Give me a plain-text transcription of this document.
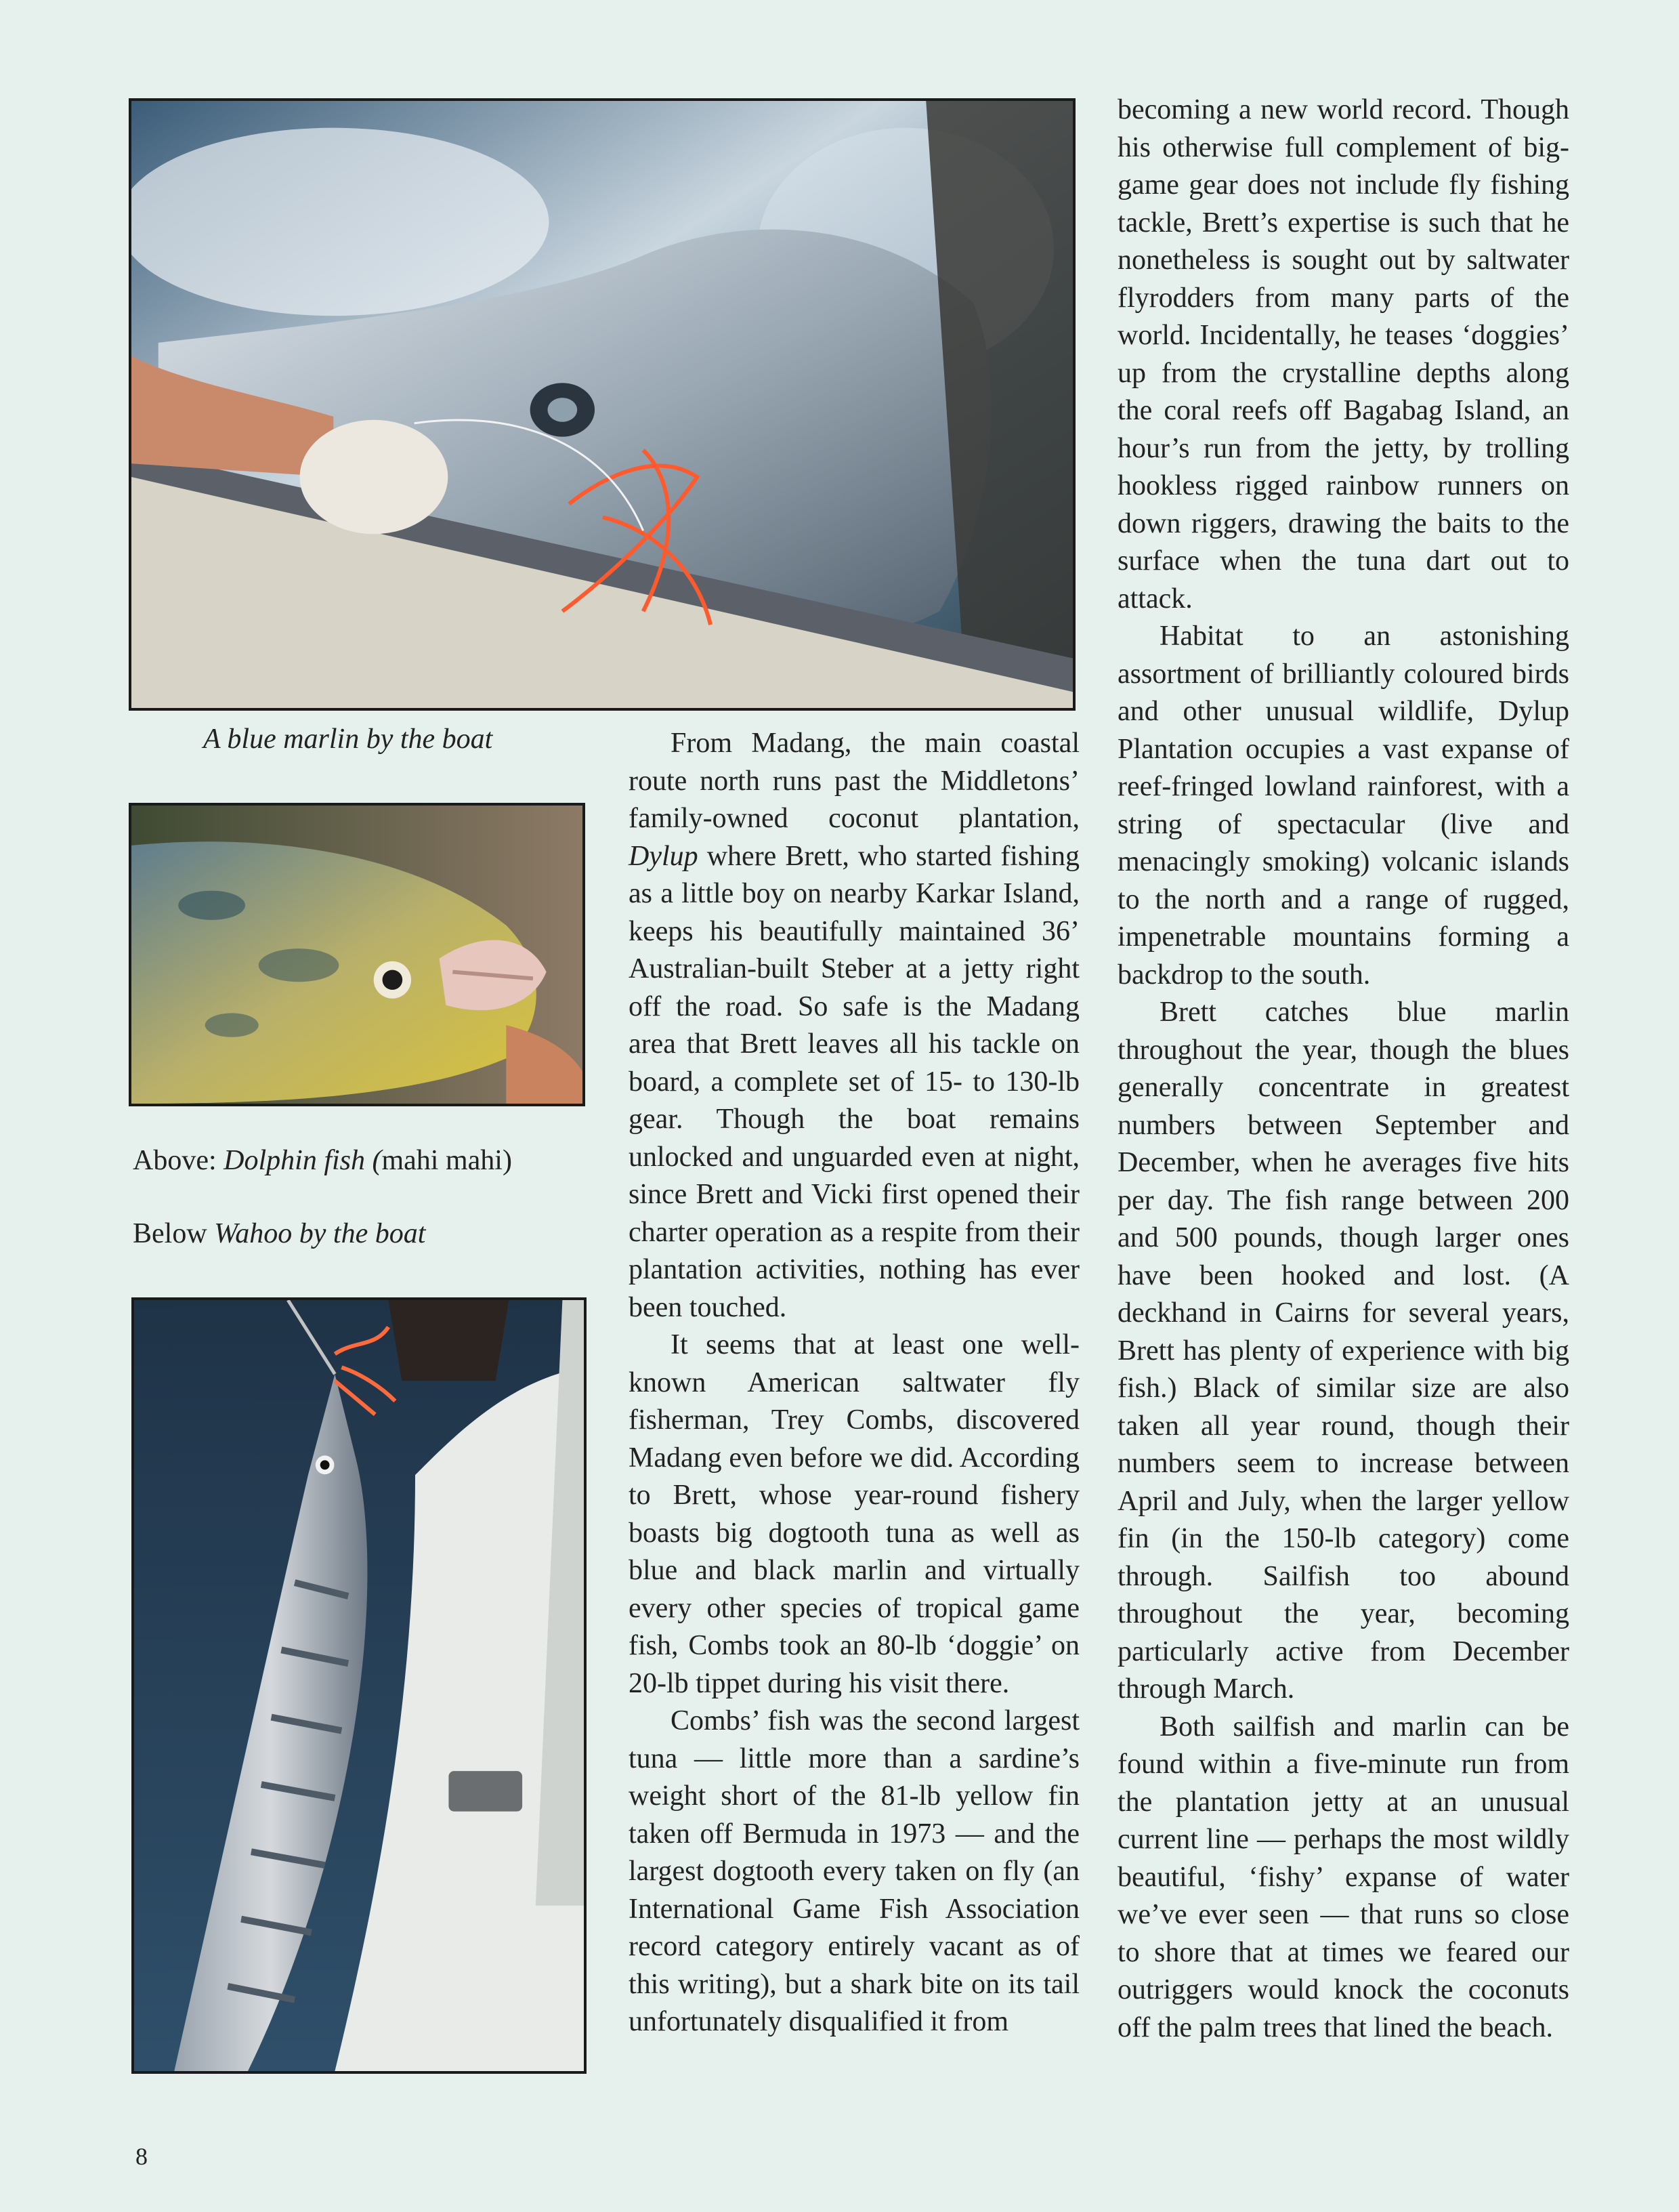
A blue marlin by the boat
Above: Dolphin fish (mahi mahi)
Below Wahoo by the boat

From Madang, the main coastal route north runs past the Middletons’ family-owned coconut plantation, Dylup where Brett, who started fishing as a little boy on nearby Karkar Island, keeps his beautifully maintained 36’ Australian-built Steber at a jetty right off the road. So safe is the Madang area that Brett leaves all his tackle on board, a complete set of 15- to 130-lb gear. Though the boat remains unlocked and unguarded even at night, since Brett and Vicki first opened their charter operation as a respite from their plantation activities, nothing has ever been touched.

It seems that at least one well-known American saltwater fly fisherman, Trey Combs, discovered Madang even before we did. According to Brett, whose year-round fishery boasts big dogtooth tuna as well as blue and black marlin and virtually every other species of tropical game fish, Combs took an 80-lb ‘doggie’ on 20-lb tippet during his visit there.

Combs’ fish was the second largest tuna — little more than a sardine’s weight short of the 81-lb yellow fin taken off Bermuda in 1973 — and the largest dogtooth every taken on fly (an International Game Fish Association record category entirely vacant as of this writing), but a shark bite on its tail unfortunately disqualified it from

becoming a new world record. Though his otherwise full complement of big-game gear does not include fly fishing tackle, Brett’s expertise is such that he nonetheless is sought out by saltwater flyrodders from many parts of the world. Incidentally, he teases ‘doggies’ up from the crystalline depths along the coral reefs off Bagabag Island, an hour’s run from the jetty, by trolling hookless rigged rainbow runners on down riggers, drawing the baits to the surface when the tuna dart out to attack.

Habitat to an astonishing assortment of brilliantly coloured birds and other unusual wildlife, Dylup Plantation occupies a vast expanse of reef-fringed lowland rainforest, with a string of spectacular (live and menacingly smoking) volcanic islands to the north and a range of rugged, impenetrable mountains forming a backdrop to the south.

Brett catches blue marlin throughout the year, though the blues generally concentrate in greatest numbers between September and December, when he averages five hits per day. The fish range between 200 and 500 pounds, though larger ones have been hooked and lost. (A deckhand in Cairns for several years, Brett has plenty of experience with big fish.) Black of similar size are also taken all year round, though their numbers seem to increase between April and July, when the larger yellow fin (in the 150-lb category) come through. Sailfish too abound throughout the year, becoming particularly active from December through March.

Both sailfish and marlin can be found within a five-minute run from the plantation jetty at an unusual current line — perhaps the most wildly beautiful, ‘fishy’ expanse of water we’ve ever seen — that runs so close to shore that at times we feared our outriggers would knock the coconuts off the palm trees that lined the beach.

8
